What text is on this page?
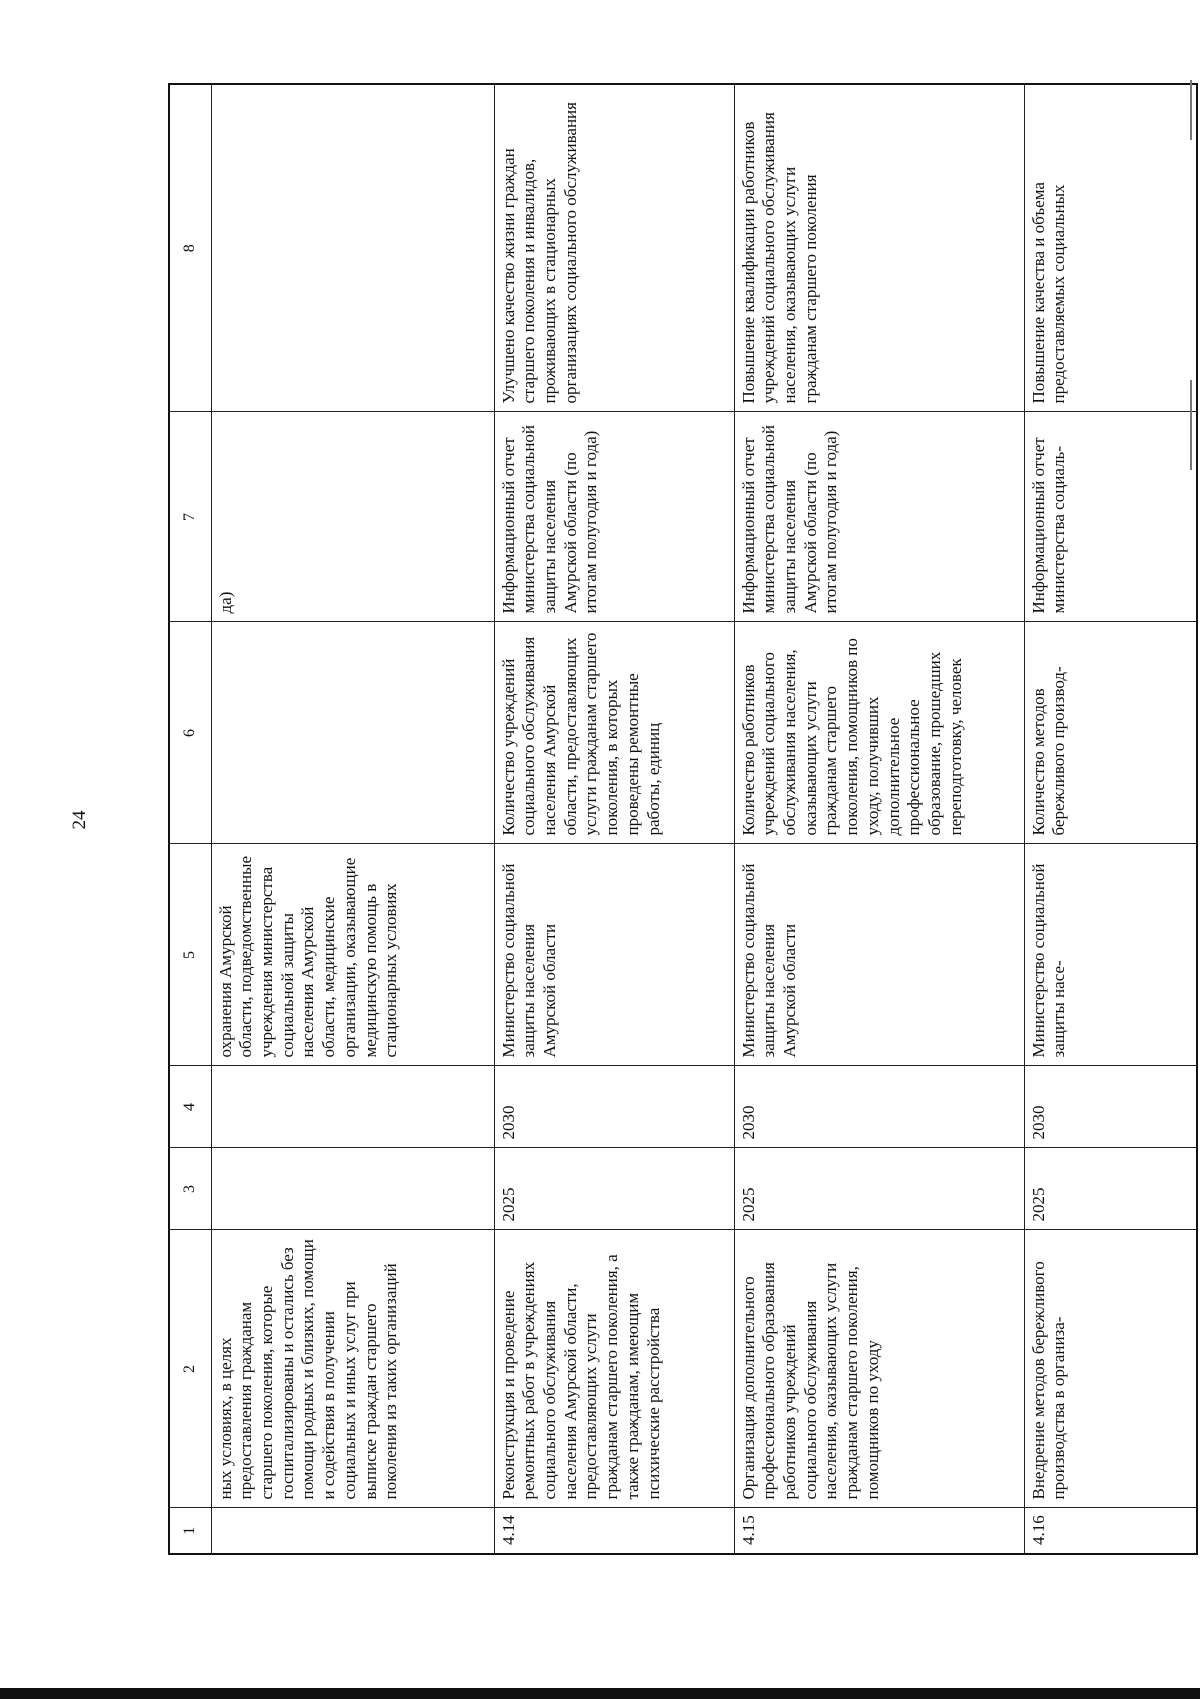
24
1	2	3	4	5	6	7	8
	ных условиях, в целях предоставления гражданам старшего поколения, которые госпитализированы и остались без помощи родных и близких, помощи и содействия в получении социальных и иных услуг при выписке граждан старшего поколения из таких организаций			охранения Амурской области, подведомственные учреждения министерства социальной защиты населения Амурской области, медицинские организации, оказывающие медицинскую помощь в стационарных условиях		да)	
4.14	Реконструкция и проведение ремонтных работ в учреждениях социального обслуживания населения Амурской области, предоставляющих услуги гражданам старшего поколения, а также гражданам, имеющим психические расстройства	2025	2030	Министерство социальной защиты населения Амурской области	Количество учреждений социального обслуживания населения Амурской области, предоставляющих услуги гражданам старшего поколения, в которых проведены ремонтные работы, единиц	Информационный отчет министерства социальной защиты населения Амурской области (по итогам полугодия и года)	Улучшено качество жизни граждан старшего поколения и инвалидов, проживающих в стационарных организациях социального обслуживания
4.15	Организация дополнительного профессионального образования работников учреждений социального обслуживания населения, оказывающих услуги гражданам старшего поколения, помощников по уходу	2025	2030	Министерство социальной защиты населения Амурской области	Количество работников учреждений социального обслуживания населения, оказывающих услуги гражданам старшего поколения, помощников по уходу, получивших дополнительное профессиональное образование, прошедших переподготовку, человек	Информационный отчет министерства социальной защиты населения Амурской области (по итогам полугодия и года)	Повышение квалификации работников учреждений социального обслуживания населения, оказывающих услуги гражданам старшего поколения
4.16	Внедрение методов бережливого производства в организа-	2025	2030	Министерство социальной защиты насе-	Количество методов бережливого производ-	Информационный отчет министерства социаль-	Повышение качества и объема предоставляемых социальных
